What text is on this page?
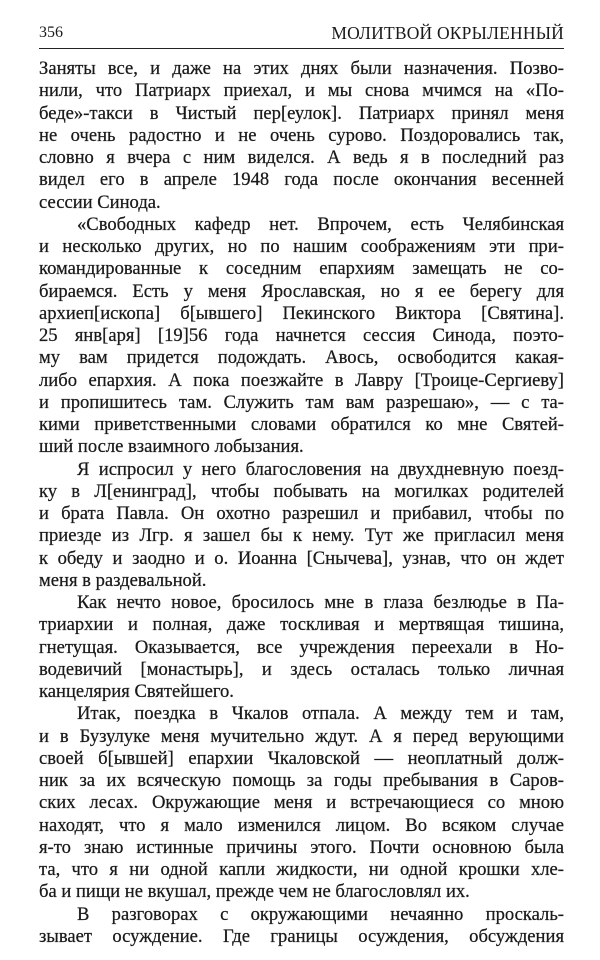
356	МОЛИТВОЙ ОКРЫЛЕННЫЙ
Заняты все, и даже на этих днях были назначения. Позво-
нили, что Патриарх приехал, и мы снова мчимся на «По-
беде»-такси в Чистый пер[еулок]. Патриарх принял меня
не очень радостно и не очень сурово. Поздоровались так,
словно я вчера с ним виделся. А ведь я в последний раз
видел его в апреле 1948 года после окончания весенней
сессии Синода.
«Свободных кафедр нет. Впрочем, есть Челябинская
и несколько других, но по нашим соображениям эти при-
командированные к соседним епархиям замещать не со-
бираемся. Есть у меня Ярославская, но я ее берегу для
архиеп[ископа] б[ывшего] Пекинского Виктора [Святина].
25 янв[аря] [19]56 года начнется сессия Синода, поэто-
му вам придется подождать. Авось, освободится какая-
либо епархия. А пока поезжайте в Лавру [Троице-Сергиеву]
и пропишитесь там. Служить там вам разрешаю», — с та-
кими приветственными словами обратился ко мне Святей-
ший после взаимного лобызания.
Я испросил у него благословения на двухдневную поезд-
ку в Л[енинград], чтобы побывать на могилках родителей
и брата Павла. Он охотно разрешил и прибавил, чтобы по
приезде из Лгр. я зашел бы к нему. Тут же пригласил меня
к обеду и заодно и о. Иоанна [Снычева], узнав, что он ждет
меня в раздевальной.
Как нечто новое, бросилось мне в глаза безлюдье в Па-
триархии и полная, даже тоскливая и мертвящая тишина,
гнетущая. Оказывается, все учреждения переехали в Но-
водевичий [монастырь], и здесь осталась только личная
канцелярия Святейшего.
Итак, поездка в Чкалов отпала. А между тем и там,
и в Бузулуке меня мучительно ждут. А я перед верующими
своей б[ывшей] епархии Чкаловской — неоплатный долж-
ник за их всяческую помощь за годы пребывания в Саров-
ских лесах. Окружающие меня и встречающиеся со мною
находят, что я мало изменился лицом. Во всяком случае
я-то знаю истинные причины этого. Почти основною была
та, что я ни одной капли жидкости, ни одной крошки хле-
ба и пищи не вкушал, прежде чем не благословлял их.
В разговорах с окружающими нечаянно проскаль-
зывает осуждение. Где границы осуждения, обсуждения
